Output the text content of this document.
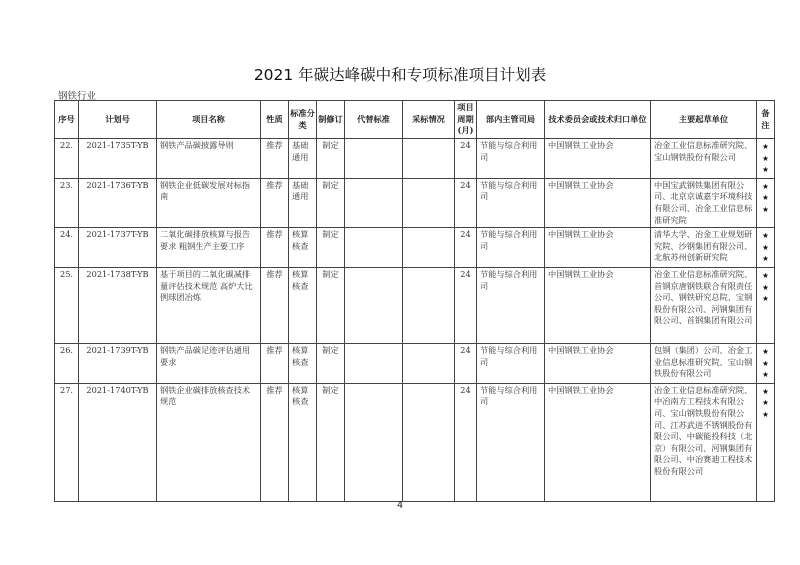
2021 年碳达峰碳中和专项标准项目计划表
钢铁行业
序号	计划号	项目名称	性质	标准分类	制修订	代替标准	采标情况	项目周期(月)	部内主管司局	技术委员会或技术归口单位	主要起草单位	备注
22.	2021-1735T-YB	钢铁产品碳披露导则	推荐	基础通用	制定			24	节能与综合利用司	中国钢铁工业协会	冶金工业信息标准研究院、宝山钢铁股份有限公司	★
★
★

23.	2021-1736T-YB	钢铁企业低碳发展对标指南	推荐	基础通用	制定			24	节能与综合利用司	中国钢铁工业协会	中国宝武钢铁集团有限公司、北京京诚嘉宇环境科技有限公司、冶金工业信息标准研究院	★
★
★

24.	2021-1737T-YB	二氧化碳排放核算与报告要求 粗钢生产主要工序	推荐	核算核查	制定			24	节能与综合利用司	中国钢铁工业协会	清华大学、冶金工业规划研究院、沙钢集团有限公司、北航苏州创新研究院	★
★
★

25.	2021-1738T-YB	基于项目的二氧化碳减排量评估技术规范 高炉大比例球团冶炼	推荐	核算核查	制定			24	节能与综合利用司	中国钢铁工业协会	冶金工业信息标准研究院、首钢京唐钢铁联合有限责任公司、钢铁研究总院、宝钢股份有限公司、河钢集团有限公司、首钢集团有限公司	★
★
★

26.	2021-1739T-YB	钢铁产品碳足迹评估通用要求	推荐	核算核查	制定			24	节能与综合利用司	中国钢铁工业协会	包钢（集团）公司、冶金工业信息标准研究院、宝山钢铁股份有限公司	★
★
★

27.	2021-1740T-YB	钢铁企业碳排放核查技术规范	推荐	核算核查	制定			24	节能与综合利用司	中国钢铁工业协会	冶金工业信息标准研究院、中冶南方工程技术有限公司、宝山钢铁股份有限公司、江苏武进不锈钢股份有限公司、中碳能投科技（北京）有限公司、河钢集团有限公司、中冶赛迪工程技术股份有限公司	★
★
★
4
